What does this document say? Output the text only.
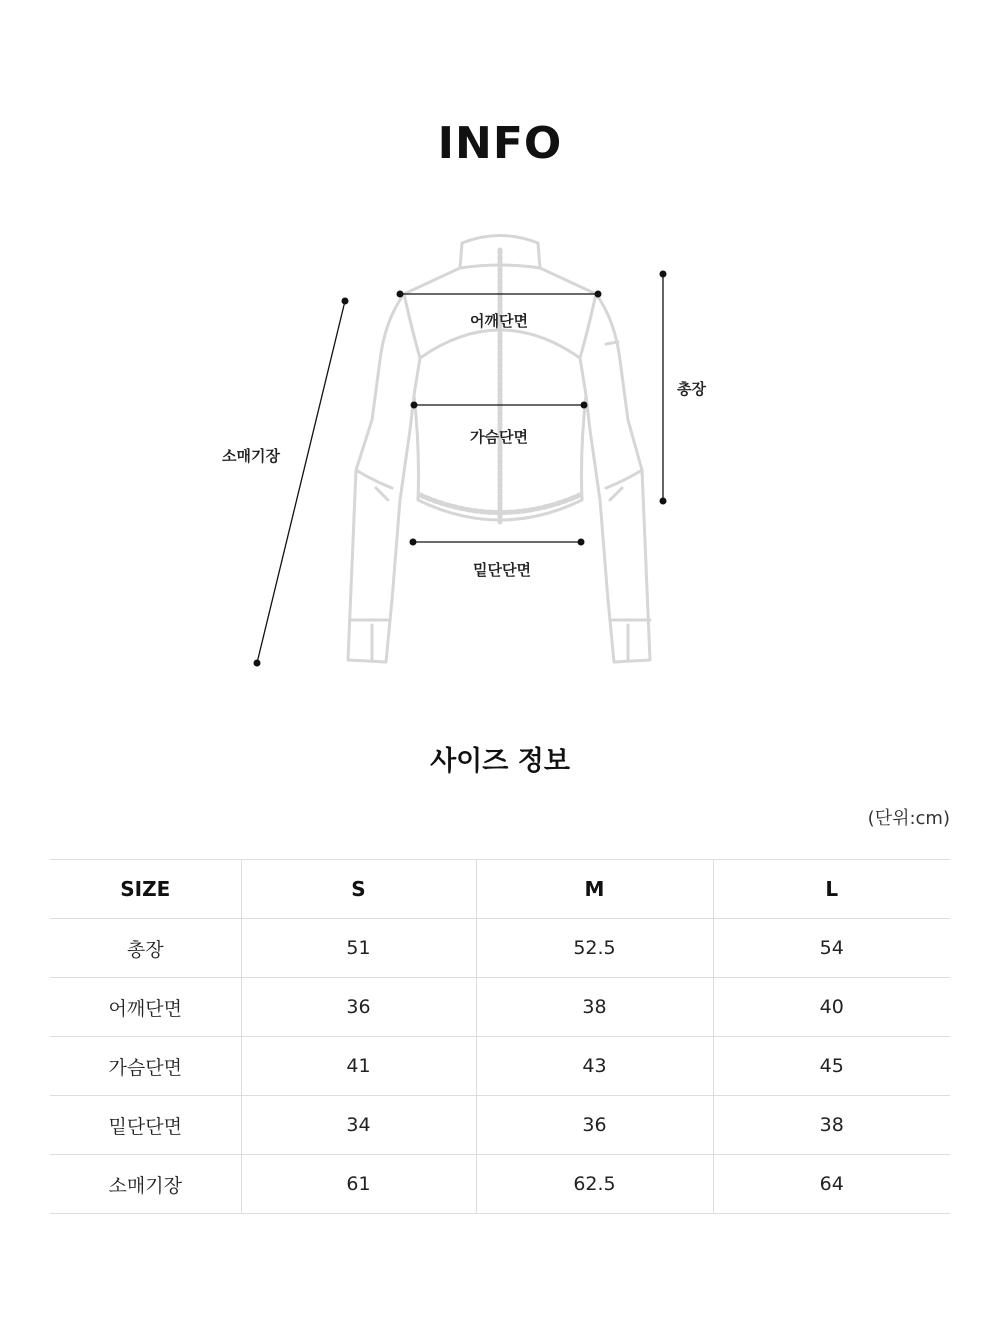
INFO
어깨단면
가슴단면
밑단단면
총장
소매기장
사이즈 정보
(단위:cm)
SIZE	S	M	L
총장	51	52.5	54
어깨단면	36	38	40
가슴단면	41	43	45
밑단단면	34	36	38
소매기장	61	62.5	64
